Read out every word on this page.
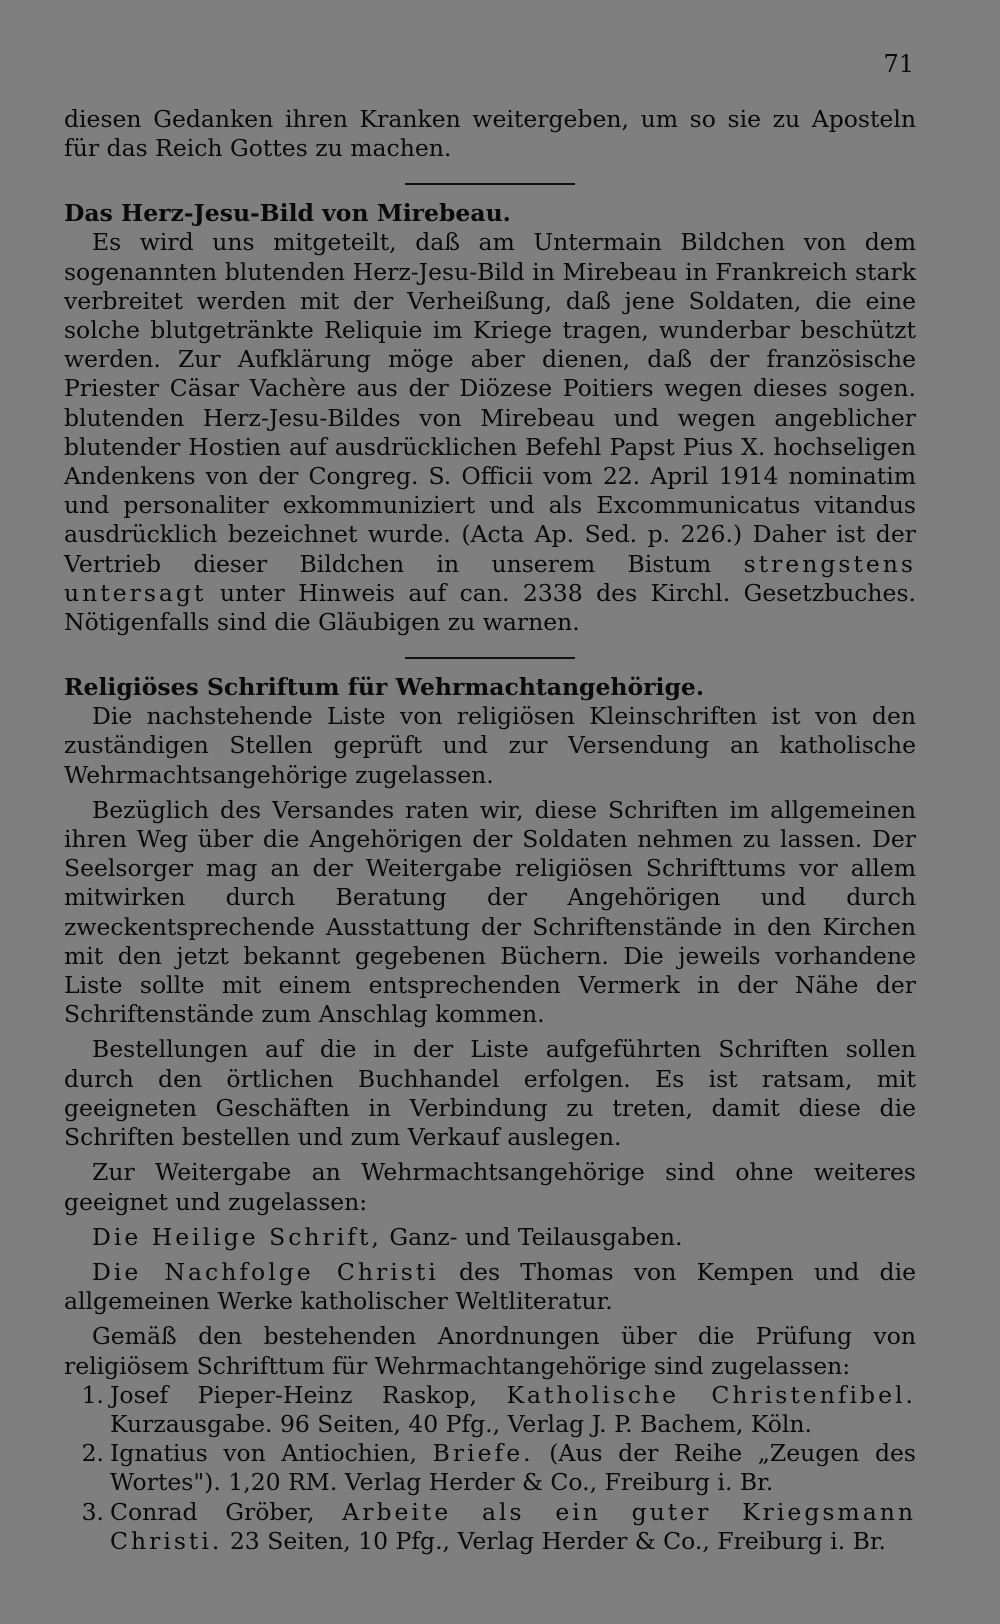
71

diesen Gedanken ihren Kranken weitergeben, um so sie zu Aposteln für das Reich Gottes zu machen.

Das Herz-Jesu-Bild von Mirebeau.

Es wird uns mitgeteilt, daß am Untermain Bildchen von dem sogenannten blutenden Herz-Jesu-Bild in Mirebeau in Frankreich stark verbreitet werden mit der Verheißung, daß jene Soldaten, die eine solche blutgetränkte Reliquie im Kriege tragen, wunderbar beschützt werden. Zur Aufklärung möge aber dienen, daß der französische Priester Cäsar Vachère aus der Diözese Poitiers wegen dieses sogen. blutenden Herz-Jesu-Bildes von Mirebeau und wegen angeblicher blutender Hostien auf ausdrücklichen Befehl Papst Pius X. hochseligen Andenkens von der Congreg. S. Officii vom 22. April 1914 nominatim und personaliter exkommuniziert und als Excommunicatus vitandus ausdrücklich bezeichnet wurde. (Acta Ap. Sed. p. 226.) Daher ist der Vertrieb dieser Bildchen in unserem Bistum strengstens untersagt unter Hinweis auf can. 2338 des Kirchl. Gesetzbuches. Nötigenfalls sind die Gläubigen zu warnen.

Religiöses Schriftum für Wehrmachtangehörige.

Die nachstehende Liste von religiösen Kleinschriften ist von den zuständigen Stellen geprüft und zur Versendung an katholische Wehrmachtsangehörige zugelassen.

Bezüglich des Versandes raten wir, diese Schriften im allgemeinen ihren Weg über die Angehörigen der Soldaten nehmen zu lassen. Der Seelsorger mag an der Weitergabe religiösen Schrifttums vor allem mitwirken durch Beratung der Angehörigen und durch zweckentsprechende Ausstattung der Schriftenstände in den Kirchen mit den jetzt bekannt gegebenen Büchern. Die jeweils vorhandene Liste sollte mit einem entsprechenden Vermerk in der Nähe der Schriftenstände zum Anschlag kommen.

Bestellungen auf die in der Liste aufgeführten Schriften sollen durch den örtlichen Buchhandel erfolgen. Es ist ratsam, mit geeigneten Geschäften in Verbindung zu treten, damit diese die Schriften bestellen und zum Verkauf auslegen.

Zur Weitergabe an Wehrmachtsangehörige sind ohne weiteres geeignet und zugelassen:

Die Heilige Schrift, Ganz- und Teilausgaben.

Die Nachfolge Christi des Thomas von Kempen und die allgemeinen Werke katholischer Weltliteratur.

Gemäß den bestehenden Anordnungen über die Prüfung von religiösem Schrifttum für Wehrmachtangehörige sind zugelassen:

1. Josef Pieper-Heinz Raskop, Katholische Christenfibel. Kurzausgabe. 96 Seiten, 40 Pfg., Verlag J. P. Bachem, Köln.
2. Ignatius von Antiochien, Briefe. (Aus der Reihe „Zeugen des Wortes"). 1,20 RM. Verlag Herder & Co., Freiburg i. Br.
3. Conrad Gröber, Arbeite als ein guter Kriegsmann Christi. 23 Seiten, 10 Pfg., Verlag Herder & Co., Freiburg i. Br.
